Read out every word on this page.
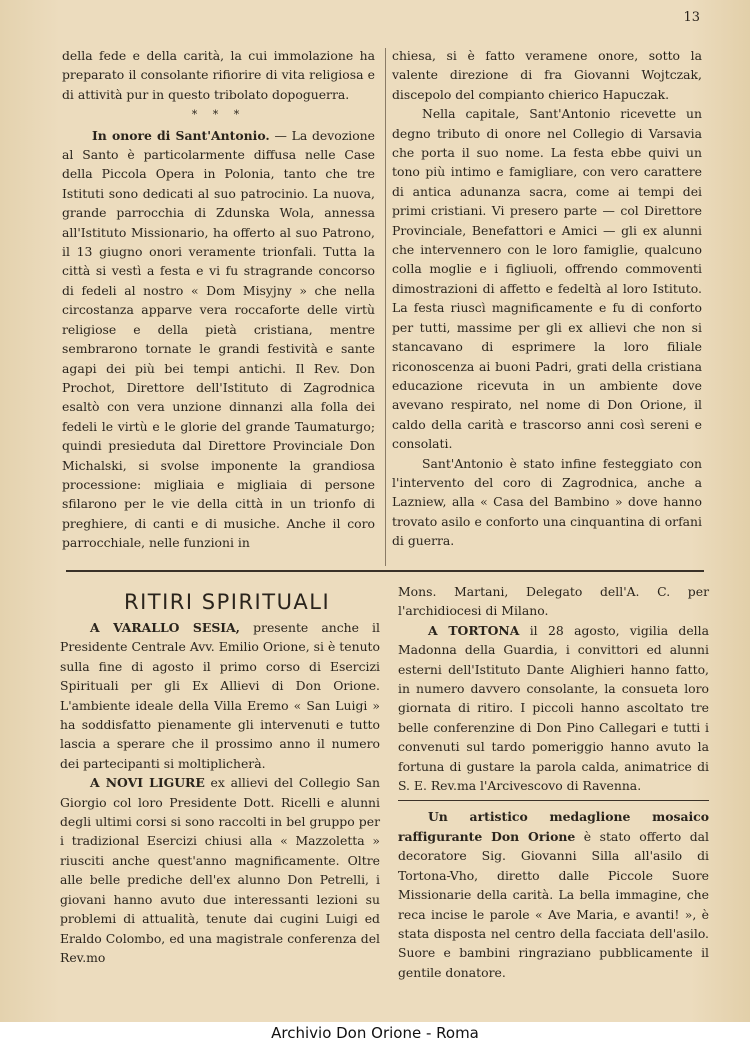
13

della fede e della carità, la cui immolazione ha preparato il consolante rifiorire di vita religiosa e di attività pur in questo tribolato dopoguerra.

* * *

In onore di Sant'Antonio. — La devozione al Santo è particolarmente diffusa nelle Case della Piccola Opera in Polonia, tanto che tre Istituti sono dedicati al suo patrocinio. La nuova, grande parrocchia di Zdunska Wola, annessa all'Istituto Missionario, ha offerto al suo Patrono, il 13 giugno onori veramente trionfali. Tutta la città si vestì a festa e vi fu stragrande concorso di fedeli al nostro « Dom Misyjny » che nella circostanza apparve vera roccaforte delle virtù religiose e della pietà cristiana, mentre sembrarono tornate le grandi festività e sante agapi dei più bei tempi antichi. Il Rev. Don Prochot, Direttore dell'Istituto di Zagrodnica esaltò con vera unzione dinnanzi alla folla dei fedeli le virtù e le glorie del grande Taumaturgo; quindi presieduta dal Direttore Provinciale Don Michalski, si svolse imponente la grandiosa processione: migliaia e migliaia di persone sfilarono per le vie della città in un trionfo di preghiere, di canti e di musiche. Anche il coro parrocchiale, nelle funzioni in

chiesa, si è fatto veramene onore, sotto la valente direzione di fra Giovanni Wojtczak, discepolo del compianto chierico Hapuczak.

Nella capitale, Sant'Antonio ricevette un degno tributo di onore nel Collegio di Varsavia che porta il suo nome. La festa ebbe quivi un tono più intimo e famigliare, con vero carattere di antica adunanza sacra, come ai tempi dei primi cristiani. Vi presero parte — col Direttore Provinciale, Benefattori e Amici — gli ex alunni che intervennero con le loro famiglie, qualcuno colla moglie e i figliuoli, offrendo commoventi dimostrazioni di affetto e fedeltà al loro Istituto. La festa riuscì magnificamente e fu di conforto per tutti, massime per gli ex allievi che non si stancavano di esprimere la loro filiale riconoscenza ai buoni Padri, grati della cristiana educazione ricevuta in un ambiente dove avevano respirato, nel nome di Don Orione, il caldo della carità e trascorso anni così sereni e consolati.

Sant'Antonio è stato infine festeggiato con l'intervento del coro di Zagrodnica, anche a Lazniew, alla « Casa del Bambino » dove hanno trovato asilo e conforto una cinquantina di orfani di guerra.

RITIRI SPIRITUALI

A VARALLO SESIA, presente anche il Presidente Centrale Avv. Emilio Orione, si è tenuto sulla fine di agosto il primo corso di Esercizi Spirituali per gli Ex Allievi di Don Orione. L'ambiente ideale della Villa Eremo « San Luigi » ha soddisfatto pienamente gli intervenuti e tutto lascia a sperare che il prossimo anno il numero dei partecipanti si moltiplicherà.

A NOVI LIGURE ex allievi del Collegio San Giorgio col loro Presidente Dott. Ricelli e alunni degli ultimi corsi si sono raccolti in bel gruppo per i tradizional Esercizi chiusi alla « Mazzoletta » riusciti anche quest'anno magnificamente. Oltre alle belle prediche dell'ex alunno Don Petrelli, i giovani hanno avuto due interessanti lezioni su problemi di attualità, tenute dai cugini Luigi ed Eraldo Colombo, ed una magistrale conferenza del Rev.mo

Mons. Martani, Delegato dell'A. C. per l'archidiocesi di Milano.

A TORTONA il 28 agosto, vigilia della Madonna della Guardia, i convittori ed alunni esterni dell'Istituto Dante Alighieri hanno fatto, in numero davvero consolante, la consueta loro giornata di ritiro. I piccoli hanno ascoltato tre belle conferenzine di Don Pino Callegari e tutti i convenuti sul tardo pomeriggio hanno avuto la fortuna di gustare la parola calda, animatrice di S. E. Rev.ma l'Arcivescovo di Ravenna.

Un artistico medaglione mosaico raffigurante Don Orione è stato offerto dal decoratore Sig. Giovanni Silla all'asilo di Tortona-Vho, diretto dalle Piccole Suore Missionarie della carità. La bella immagine, che reca incise le parole « Ave Maria, e avanti! », è stata disposta nel centro della facciata dell'asilo. Suore e bambini ringraziano pubblicamente il gentile donatore.

Archivio Don Orione - Roma
